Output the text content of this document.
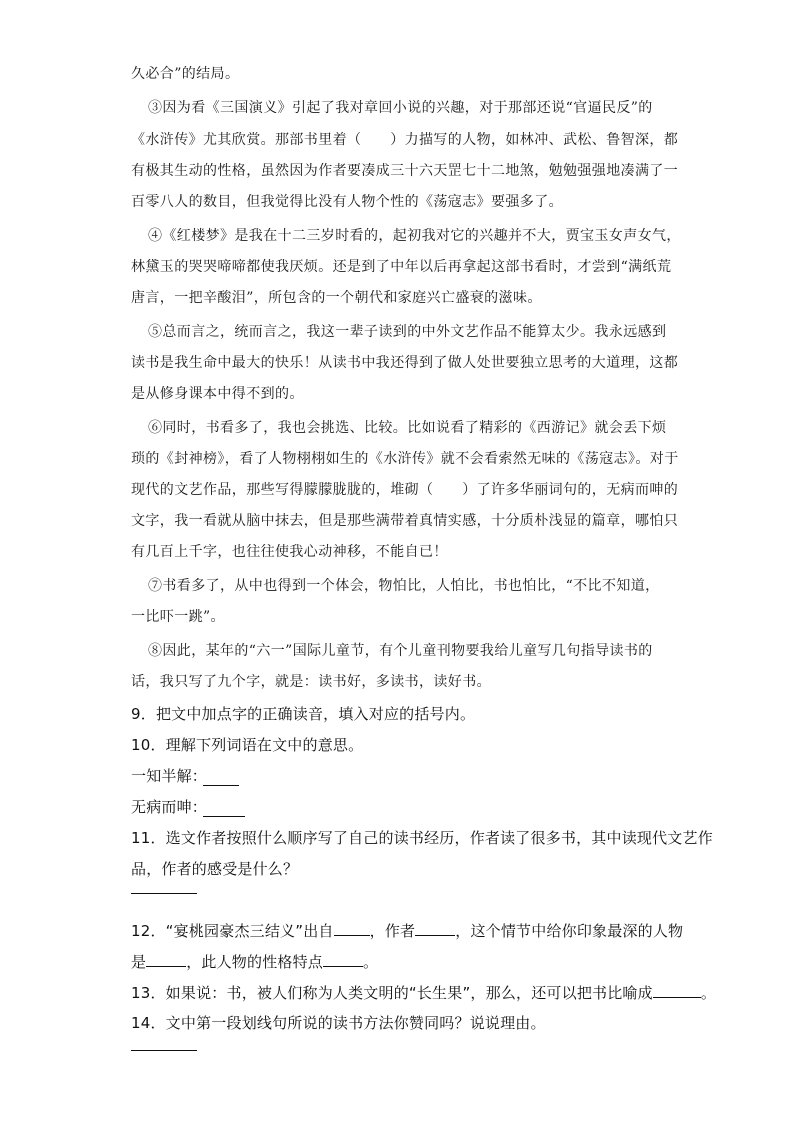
久必合”的结局。
③因为看《三国演义》引起了我对章回小说的兴趣，对于那部还说“官逼民反”的
《水浒传》尤其欣赏。那部书里着（　　）力描写的人物，如林冲、武松、鲁智深，都
有极其生动的性格，虽然因为作者要凑成三十六天罡七十二地煞，勉勉强强地凑满了一
百零八人的数目，但我觉得比没有人物个性的《荡寇志》要强多了。
④《红楼梦》是我在十二三岁时看的，起初我对它的兴趣并不大，贾宝玉女声女气，
林黛玉的哭哭啼啼都使我厌烦。还是到了中年以后再拿起这部书看时，才尝到“满纸荒
唐言，一把辛酸泪”，所包含的一个朝代和家庭兴亡盛衰的滋味。
⑤总而言之，统而言之，我这一辈子读到的中外文艺作品不能算太少。我永远感到
读书是我生命中最大的快乐！从读书中我还得到了做人处世要独立思考的大道理，这都
是从修身课本中得不到的。
⑥同时，书看多了，我也会挑选、比较。比如说看了精彩的《西游记》就会丢下烦
琐的《封神榜》，看了人物栩栩如生的《水浒传》就不会看索然无味的《荡寇志》。对于
现代的文艺作品，那些写得朦朦胧胧的，堆砌（　　）了许多华丽词句的，无病而呻的
文字，我一看就从脑中抹去，但是那些满带着真情实感，十分质朴浅显的篇章，哪怕只
有几百上千字，也往往使我心动神移，不能自已！
⑦书看多了，从中也得到一个体会，物怕比，人怕比，书也怕比，“不比不知道，
一比吓一跳”。
⑧因此，某年的“六一”国际儿童节，有个儿童刊物要我给儿童写几句指导读书的
话，我只写了九个字，就是：读书好，多读书，读好书。
9．把文中加点字的正确读音，填入对应的括号内。
10．理解下列词语在文中的意思。
一知半解：
无病而呻：
11．选文作者按照什么顺序写了自己的读书经历，作者读了很多书，其中读现代文艺作
品，作者的感受是什么？
12．“宴桃园豪杰三结义”出自 ，作者	，这个情节中给你印象最深的人物
是	，此人物的性格特点	。
13．如果说：书，被人们称为人类文明的“长生果”，那么，还可以把书比喻成	。
14．文中第一段划线句所说的读书方法你赞同吗？说说理由。
